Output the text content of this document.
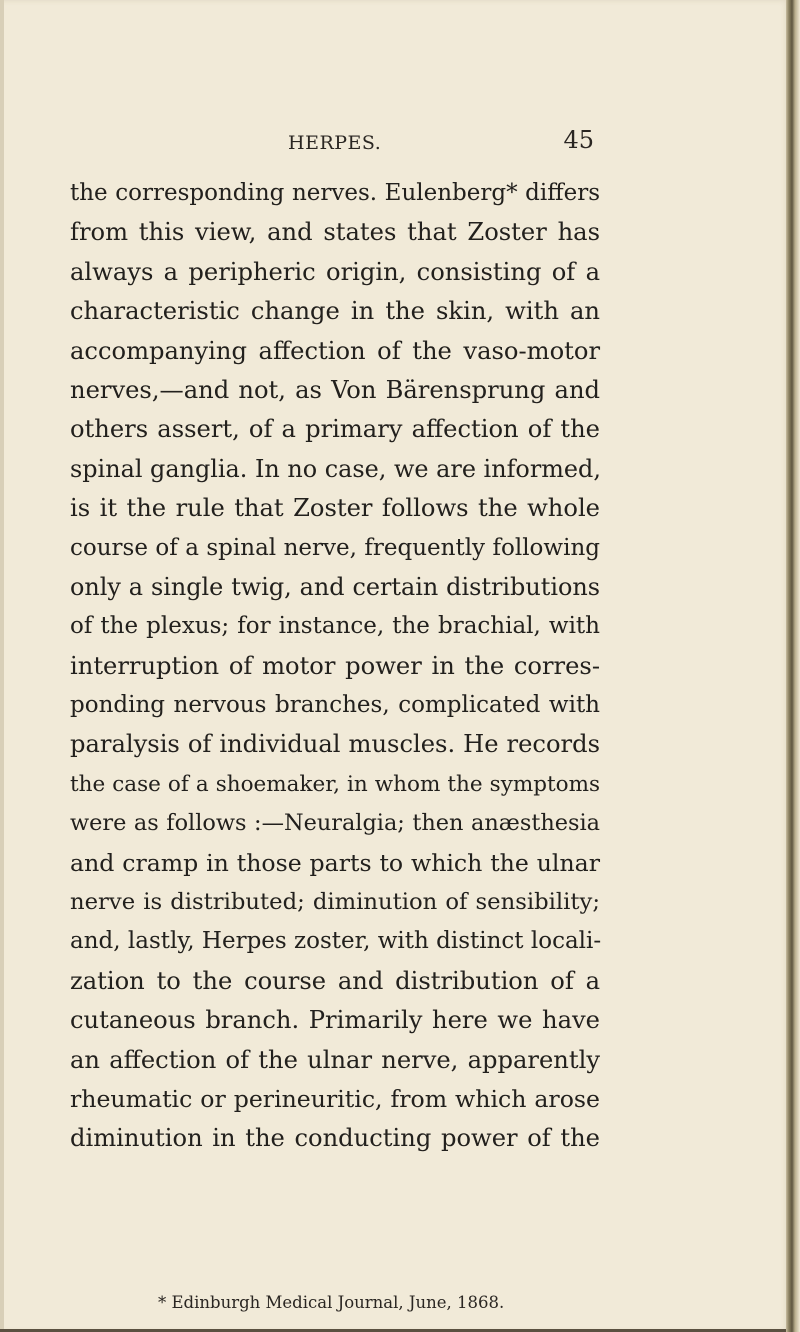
HERPES.	45
the corresponding nerves. Eulenberg* differs
from this view, and states that Zoster has
always a peripheric origin, consisting of a
characteristic change in the skin, with an
accompanying affection of the vaso-motor
nerves,—and not, as Von Bärensprung and
others assert, of a primary affection of the
spinal ganglia. In no case, we are informed,
is it the rule that Zoster follows the whole
course of a spinal nerve, frequently following
only a single twig, and certain distributions
of the plexus; for instance, the brachial, with
interruption of motor power in the corres-
ponding nervous branches, complicated with
paralysis of individual muscles. He records
the case of a shoemaker, in whom the symptoms
were as follows :—Neuralgia; then anæsthesia
and cramp in those parts to which the ulnar
nerve is distributed; diminution of sensibility;
and, lastly, Herpes zoster, with distinct locali-
zation to the course and distribution of a
cutaneous branch. Primarily here we have
an affection of the ulnar nerve, apparently
rheumatic or perineuritic, from which arose
diminution in the conducting power of the
* Edinburgh Medical Journal, June, 1868.
